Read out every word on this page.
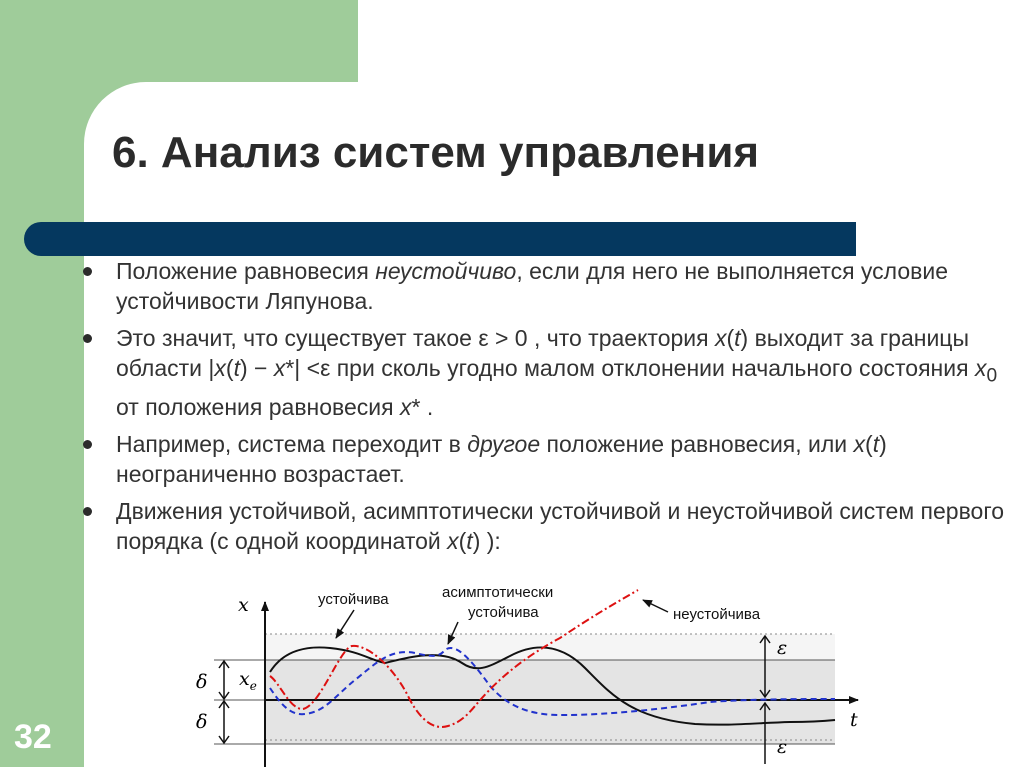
32
6. Анализ систем управления
Положение равновесия неустойчиво, если для него не выполняется условие устойчивости Ляпунова.
Это значит, что существует такое ε > 0 , что траектория x(t) выходит за границы области |x(t) − x*| <ε при сколь угодно малом отклонении начального состояния $x_0$ от положения равновесия x* .
Например, система переходит в другое положение равновесия, или x(t) неограниченно возрастает.
Движения устойчивой, асимптотически устойчивой и неустойчивой систем первого порядка (с одной координатой x(t) ):
x
t
δ
δ
$x_e$
ε
ε
устойчива	асимптотически
устойчива	неустойчива
